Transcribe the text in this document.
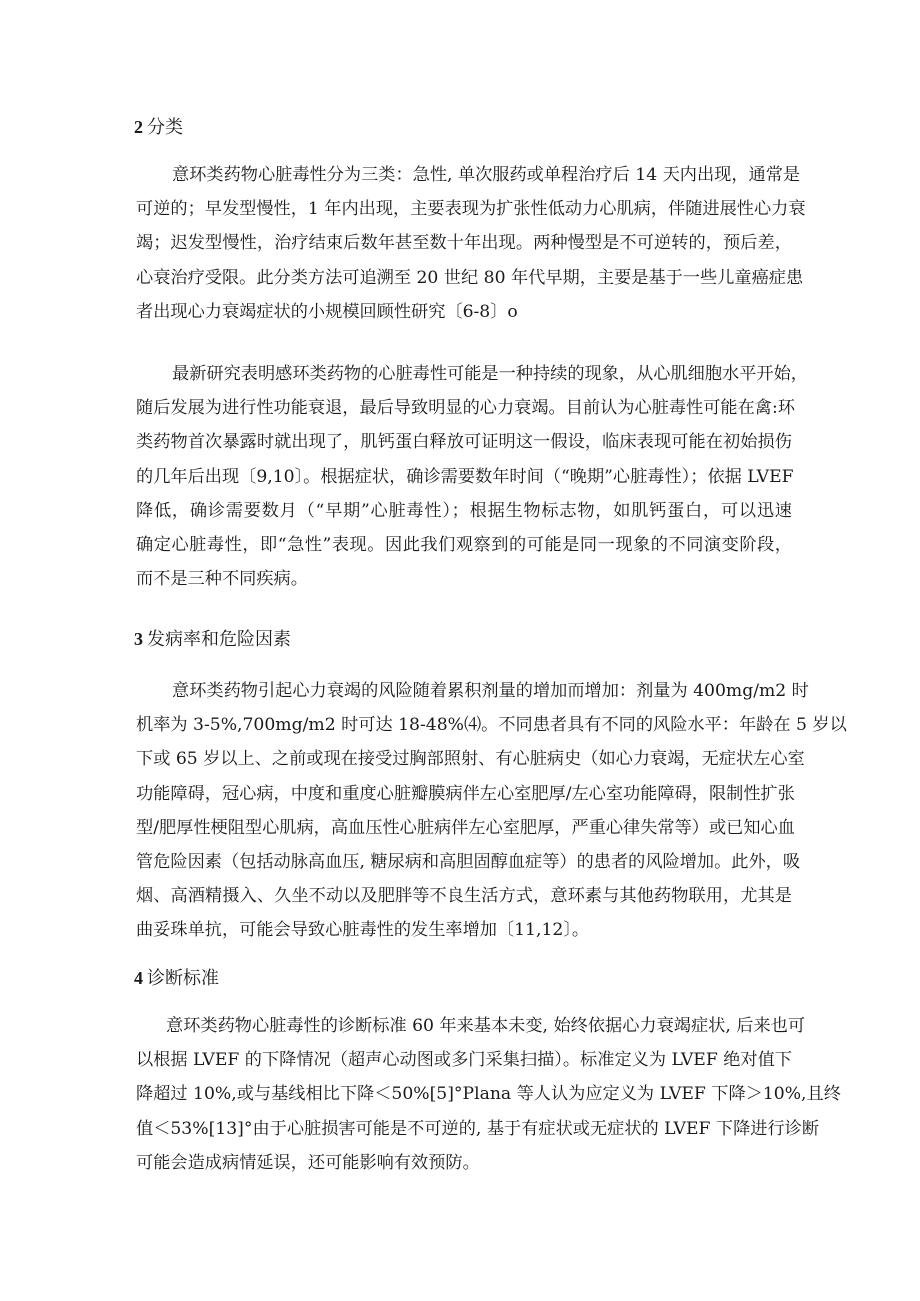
2 分类
意环类药物心脏毒性分为三类：急性, 单次服药或单程治疗后 14 天内出现，通常是
可逆的；早发型慢性，1 年内出现，主要表现为扩张性低动力心肌病，伴随进展性心力衰
竭；迟发型慢性，治疗结束后数年甚至数十年出现。两种慢型是不可逆转的，预后差，
心衰治疗受限。此分类方法可追溯至 20 世纪 80 年代早期，主要是基于一些儿童癌症患
者出现心力衰竭症状的小规模回顾性研究〔6-8〕o
最新研究表明感环类药物的心脏毒性可能是一种持续的现象，从心肌细胞水平开始，
随后发展为进行性功能衰退，最后导致明显的心力衰竭。目前认为心脏毒性可能在禽:环
类药物首次暴露时就出现了，肌钙蛋白释放可证明这一假设，临床表现可能在初始损伤
的几年后出现〔9,10〕。根据症状，确诊需要数年时间（“晚期”心脏毒性）；依据 LVEF
降低，确诊需要数月（“早期”心脏毒性）；根据生物标志物，如肌钙蛋白，可以迅速
确定心脏毒性，即“急性”表现。因此我们观察到的可能是同一现象的不同演变阶段，
而不是三种不同疾病。
3 发病率和危险因素
意环类药物引起心力衰竭的风险随着累积剂量的增加而增加：剂量为 400mg∕m2 时
机率为 3-5%,700mg∕m2 时可达 18-48%⑷。不同患者具有不同的风险水平：年龄在 5 岁以
下或 65 岁以上、之前或现在接受过胸部照射、有心脏病史（如心力衰竭，无症状左心室
功能障碍，冠心病，中度和重度心脏瓣膜病伴左心室肥厚/左心室功能障碍，限制性扩张
型/肥厚性梗阻型心肌病，高血压性心脏病伴左心室肥厚，严重心律失常等）或已知心血
管危险因素（包括动脉高血压, 糖尿病和高胆固醇血症等）的患者的风险增加。此外，吸
烟、高酒精摄入、久坐不动以及肥胖等不良生活方式，意环素与其他药物联用，尤其是
曲妥珠单抗，可能会导致心脏毒性的发生率增加〔11,12〕。
4 诊断标准
意环类药物心脏毒性的诊断标准 60 年来基本未变, 始终依据心力衰竭症状, 后来也可
以根据 LVEF 的下降情况（超声心动图或多门采集扫描）。标准定义为 LVEF 绝对值下
降超过 10%,或与基线相比下降＜50%[5]°Plana 等人认为应定义为 LVEF 下降＞10%,且终
值＜53%[13]°由于心脏损害可能是不可逆的, 基于有症状或无症状的 LVEF 下降进行诊断
可能会造成病情延误，还可能影响有效预防。
